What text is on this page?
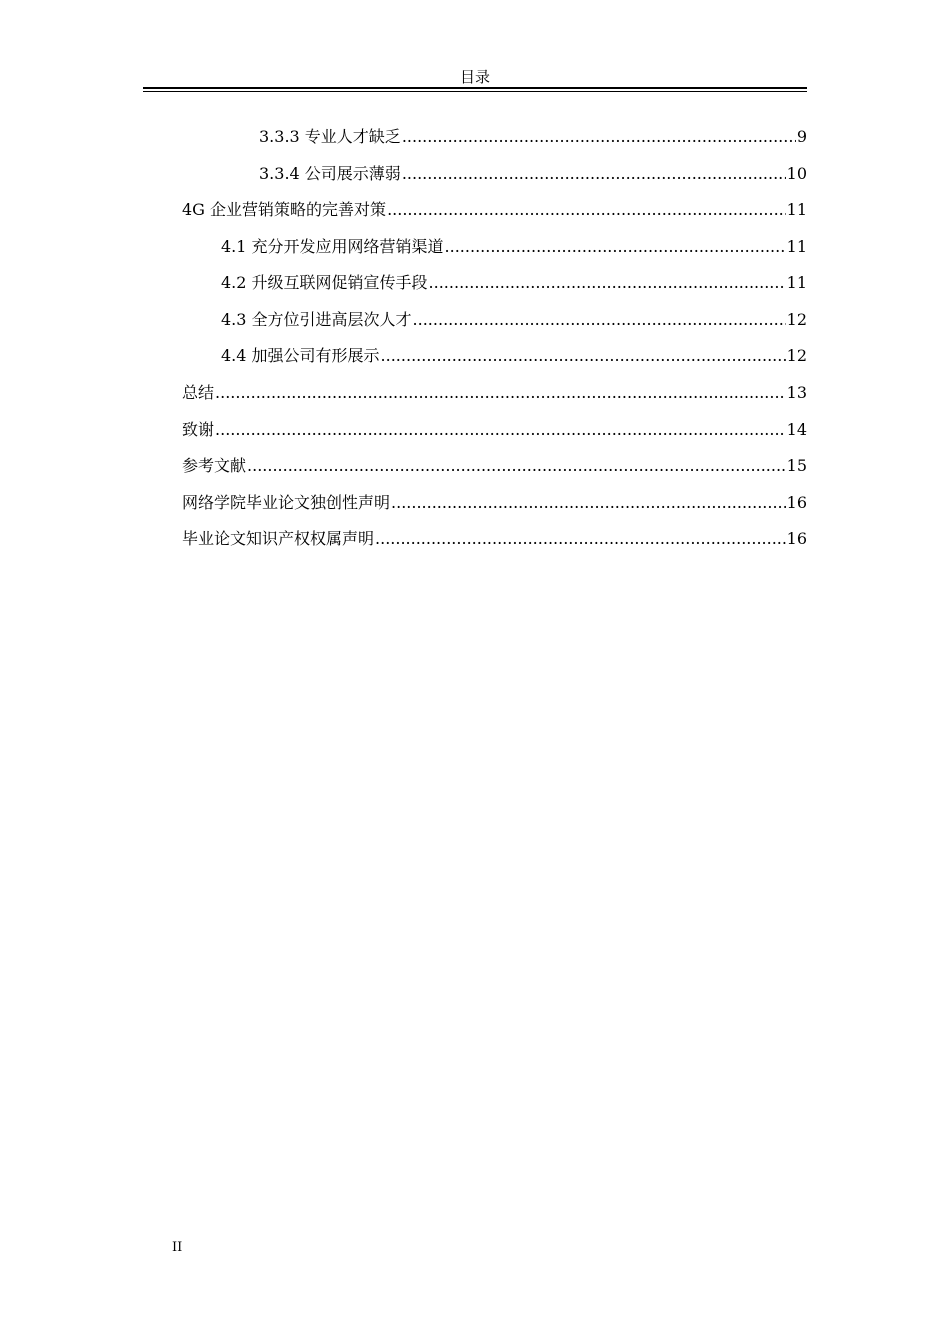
目录
3.3.3 专业人才缺乏 .....	9
3.3.4 公司展示薄弱 .....	10
4G 企业营销策略的完善对策 .....	11
4.1 充分开发应用网络营销渠道 .....	11
4.2 升级互联网促销宣传手段 .....	11
4.3 全方位引进高层次人才 .....	12
4.4 加强公司有形展示 .....	12
总结 .....	13
致谢 .....	14
参考文献 .....	15
网络学院毕业论文独创性声明 .....	16
毕业论文知识产权权属声明 .....	16
II
